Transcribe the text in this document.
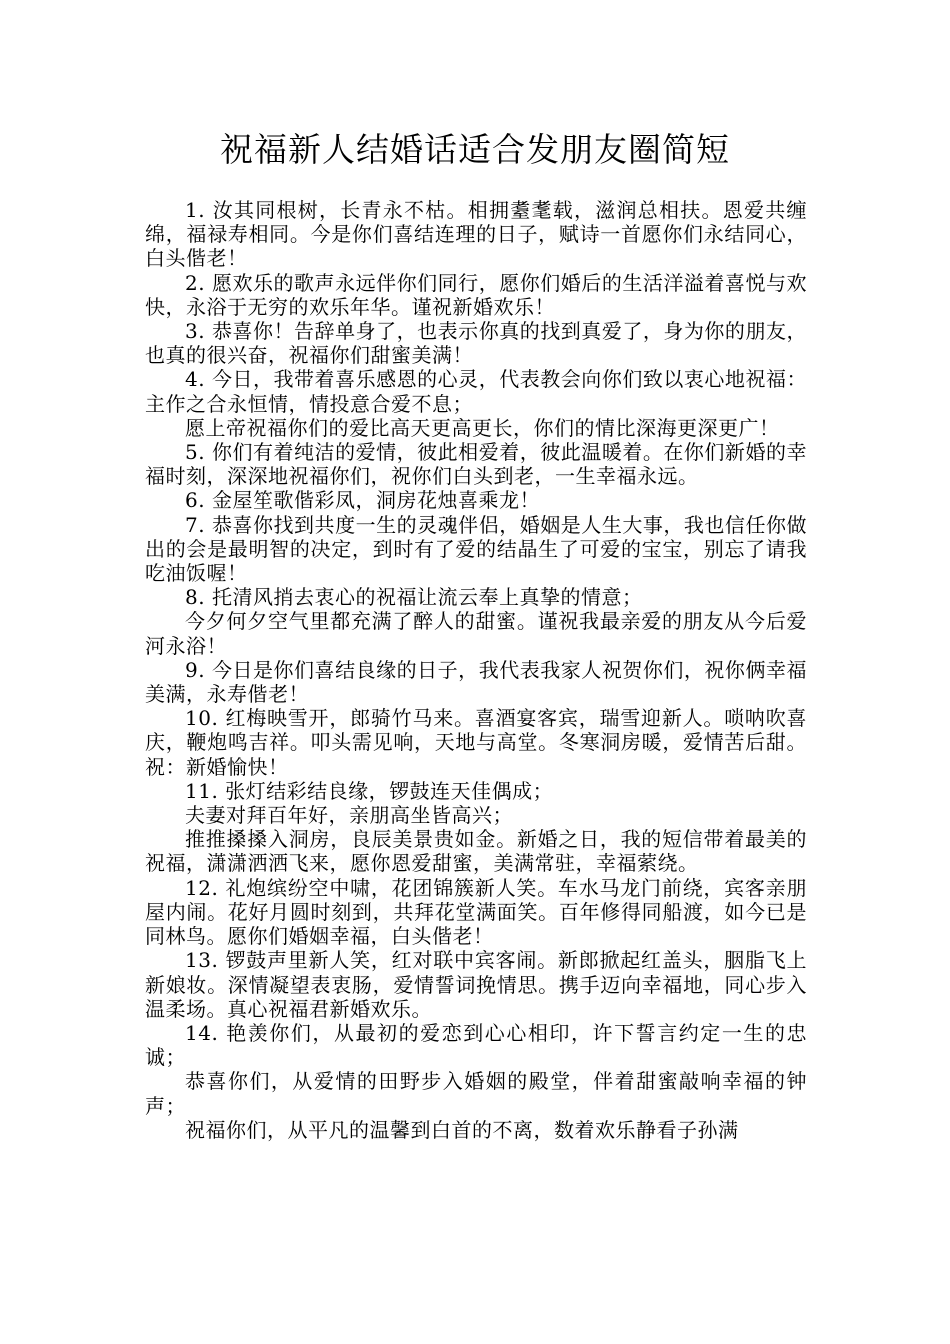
祝福新人结婚话适合发朋友圈简短

1. 汝其同根树，长青永不枯。相拥耋耄载，滋润总相扶。恩爱共缠绵，福禄寿相同。今是你们喜结连理的日子，赋诗一首愿你们永结同心，白头偕老！

2. 愿欢乐的歌声永远伴你们同行，愿你们婚后的生活洋溢着喜悦与欢快，永浴于无穷的欢乐年华。谨祝新婚欢乐！

3. 恭喜你！告辞单身了，也表示你真的找到真爱了，身为你的朋友，也真的很兴奋，祝福你们甜蜜美满！

4. 今日，我带着喜乐感恩的心灵，代表教会向你们致以衷心地祝福：主作之合永恒情，情投意合爱不息；

愿上帝祝福你们的爱比高天更高更长，你们的情比深海更深更广！

5. 你们有着纯洁的爱情，彼此相爱着，彼此温暖着。在你们新婚的幸福时刻，深深地祝福你们，祝你们白头到老，一生幸福永远。

6. 金屋笙歌偕彩凤，洞房花烛喜乘龙！

7. 恭喜你找到共度一生的灵魂伴侣，婚姻是人生大事，我也信任你做出的会是最明智的决定，到时有了爱的结晶生了可爱的宝宝，别忘了请我吃油饭喔！

8. 托清风捎去衷心的祝福让流云奉上真挚的情意；

今夕何夕空气里都充满了醉人的甜蜜。谨祝我最亲爱的朋友从今后爱河永浴！

9. 今日是你们喜结良缘的日子，我代表我家人祝贺你们，祝你俩幸福美满，永寿偕老！

10. 红梅映雪开，郎骑竹马来。喜酒宴客宾，瑞雪迎新人。唢呐吹喜庆，鞭炮鸣吉祥。叩头需见响，天地与高堂。冬寒洞房暖，爱情苦后甜。祝：新婚愉快！

11. 张灯结彩结良缘，锣鼓连天佳偶成；

夫妻对拜百年好，亲朋高坐皆高兴；

推推搡搡入洞房，良辰美景贵如金。新婚之日，我的短信带着最美的祝福，潇潇洒洒飞来，愿你恩爱甜蜜，美满常驻，幸福萦绕。

12. 礼炮缤纷空中啸，花团锦簇新人笑。车水马龙门前绕，宾客亲朋屋内闹。花好月圆时刻到，共拜花堂满面笑。百年修得同船渡，如今已是同林鸟。愿你们婚姻幸福，白头偕老！

13. 锣鼓声里新人笑，红对联中宾客闹。新郎掀起红盖头，胭脂飞上新娘妆。深情凝望表衷肠，爱情誓词挽情思。携手迈向幸福地，同心步入温柔场。真心祝福君新婚欢乐。

14. 艳羡你们，从最初的爱恋到心心相印，许下誓言约定一生的忠诚；

恭喜你们，从爱情的田野步入婚姻的殿堂，伴着甜蜜敲响幸福的钟声；

祝福你们，从平凡的温馨到白首的不离，数着欢乐静看子孙满
